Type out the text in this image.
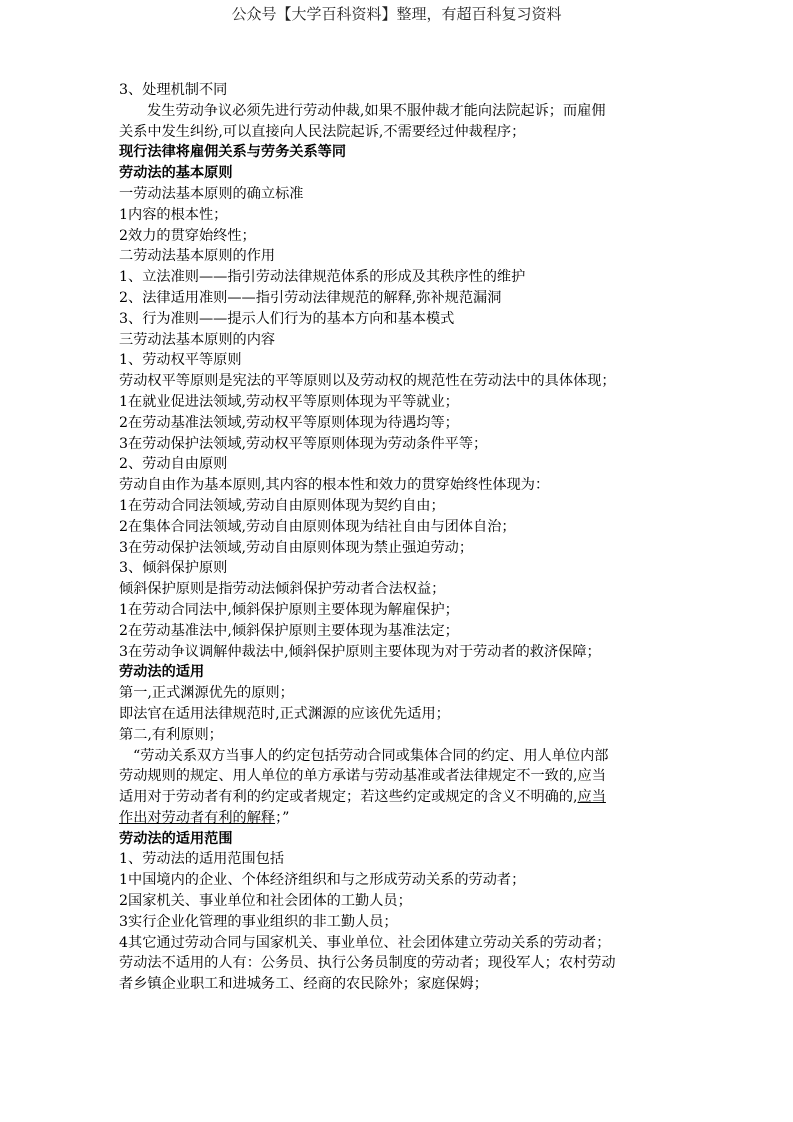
公众号【大学百科资料】整理，有超百科复习资料
3、处理机制不同
发生劳动争议必须先进行劳动仲裁,如果不服仲裁才能向法院起诉；而雇佣
关系中发生纠纷,可以直接向人民法院起诉,不需要经过仲裁程序；
现行法律将雇佣关系与劳务关系等同
劳动法的基本原则
一劳动法基本原则的确立标准
1内容的根本性；
2效力的贯穿始终性；
二劳动法基本原则的作用
1、立法准则——指引劳动法律规范体系的形成及其秩序性的维护
2、法律适用准则——指引劳动法律规范的解释,弥补规范漏洞
3、行为准则——提示人们行为的基本方向和基本模式
三劳动法基本原则的内容
1、劳动权平等原则
劳动权平等原则是宪法的平等原则以及劳动权的规范性在劳动法中的具体体现；
1在就业促进法领域,劳动权平等原则体现为平等就业；
2在劳动基准法领域,劳动权平等原则体现为待遇均等；
3在劳动保护法领域,劳动权平等原则体现为劳动条件平等；
2、劳动自由原则
劳动自由作为基本原则,其内容的根本性和效力的贯穿始终性体现为：
1在劳动合同法领域,劳动自由原则体现为契约自由；
2在集体合同法领域,劳动自由原则体现为结社自由与团体自治；
3在劳动保护法领域,劳动自由原则体现为禁止强迫劳动；
3、倾斜保护原则
倾斜保护原则是指劳动法倾斜保护劳动者合法权益；
1在劳动合同法中,倾斜保护原则主要体现为解雇保护；
2在劳动基准法中,倾斜保护原则主要体现为基准法定；
3在劳动争议调解仲裁法中,倾斜保护原则主要体现为对于劳动者的救济保障；
劳动法的适用
第一,正式渊源优先的原则；
即法官在适用法律规范时,正式渊源的应该优先适用；
第二,有利原则；
“劳动关系双方当事人的约定包括劳动合同或集体合同的约定、用人单位内部
劳动规则的规定、用人单位的单方承诺与劳动基准或者法律规定不一致的,应当
适用对于劳动者有利的约定或者规定；若这些约定或规定的含义不明确的,应当
作出对劳动者有利的解释；”
劳动法的适用范围
1、劳动法的适用范围包括
1中国境内的企业、个体经济组织和与之形成劳动关系的劳动者；
2国家机关、事业单位和社会团体的工勤人员；
3实行企业化管理的事业组织的非工勤人员；
4其它通过劳动合同与国家机关、事业单位、社会团体建立劳动关系的劳动者；
劳动法不适用的人有：公务员、执行公务员制度的劳动者；现役军人；农村劳动
者乡镇企业职工和进城务工、经商的农民除外；家庭保姆；
